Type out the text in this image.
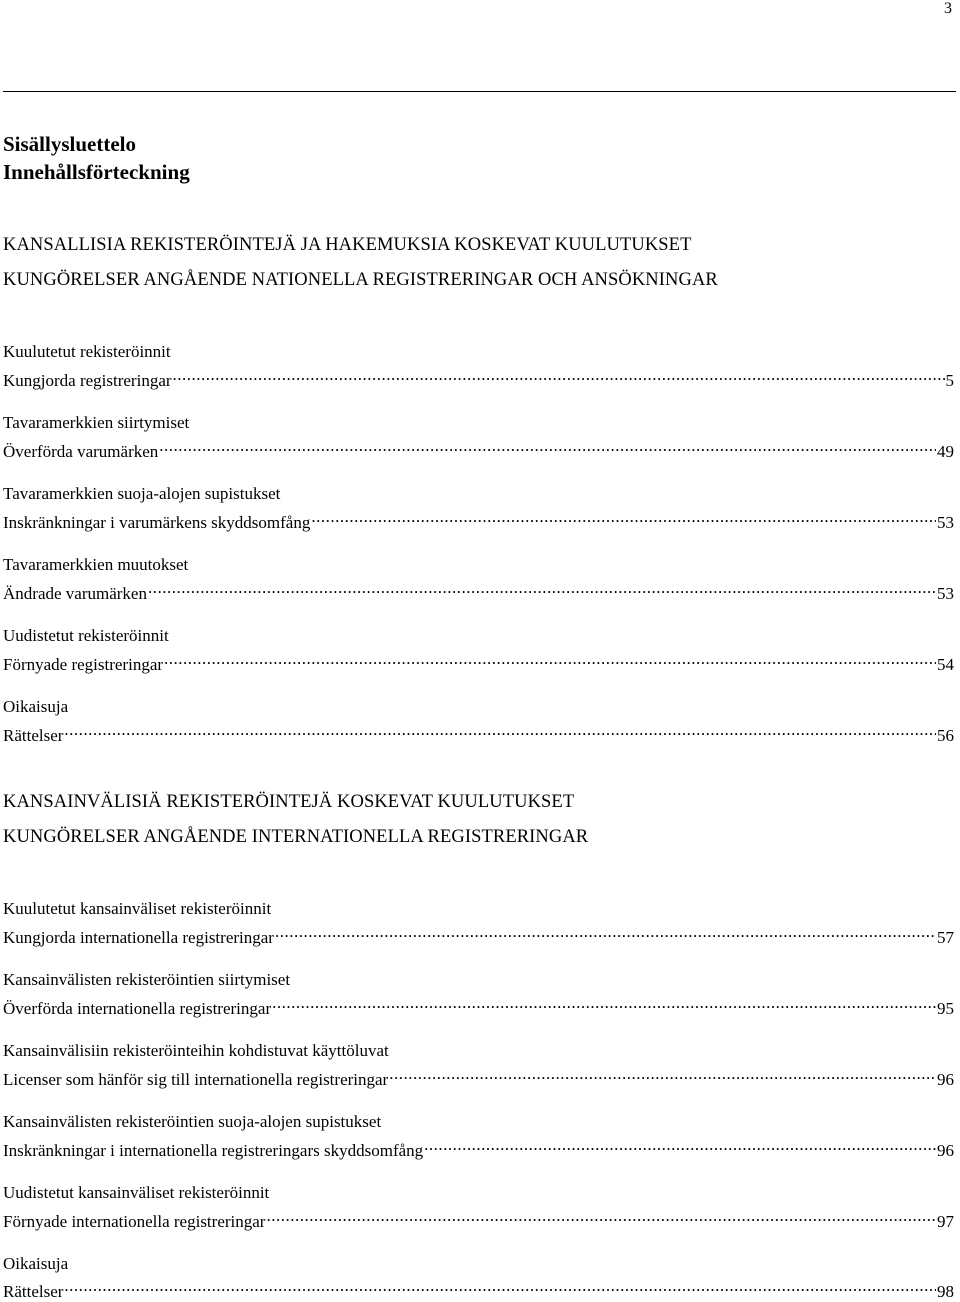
3
Sisällysluettelo
Innehållsförteckning
KANSALLISIA REKISTERÖINTEJÄ JA HAKEMUKSIA KOSKEVAT KUULUTUKSET
KUNGÖRELSER ANGÅENDE NATIONELLA REGISTRERINGAR OCH ANSÖKNINGAR
Kuulutetut rekisteröinnit
Kungjorda registreringar .....	5
Tavaramerkkien siirtymiset
Överförda varumärken .....	49
Tavaramerkkien suoja-alojen supistukset
Inskränkningar i varumärkens skyddsomfång .....	53
Tavaramerkkien muutokset
Ändrade varumärken .....	53
Uudistetut rekisteröinnit
Förnyade registreringar .....	54
Oikaisuja
Rättelser .....	56
KANSAINVÄLISIÄ REKISTERÖINTEJÄ KOSKEVAT KUULUTUKSET
KUNGÖRELSER ANGÅENDE INTERNATIONELLA REGISTRERINGAR
Kuulutetut kansainväliset rekisteröinnit
Kungjorda internationella registreringar .....	57
Kansainvälisten rekisteröintien siirtymiset
Överförda internationella registreringar .....	95
Kansainvälisiin rekisteröinteihin kohdistuvat käyttöluvat
Licenser som hänför sig till internationella registreringar .....	96
Kansainvälisten rekisteröintien suoja-alojen supistukset
Inskränkningar i internationella registreringars skyddsomfång .....	96
Uudistetut kansainväliset rekisteröinnit
Förnyade internationella registreringar .....	97
Oikaisuja
Rättelser .....	98
